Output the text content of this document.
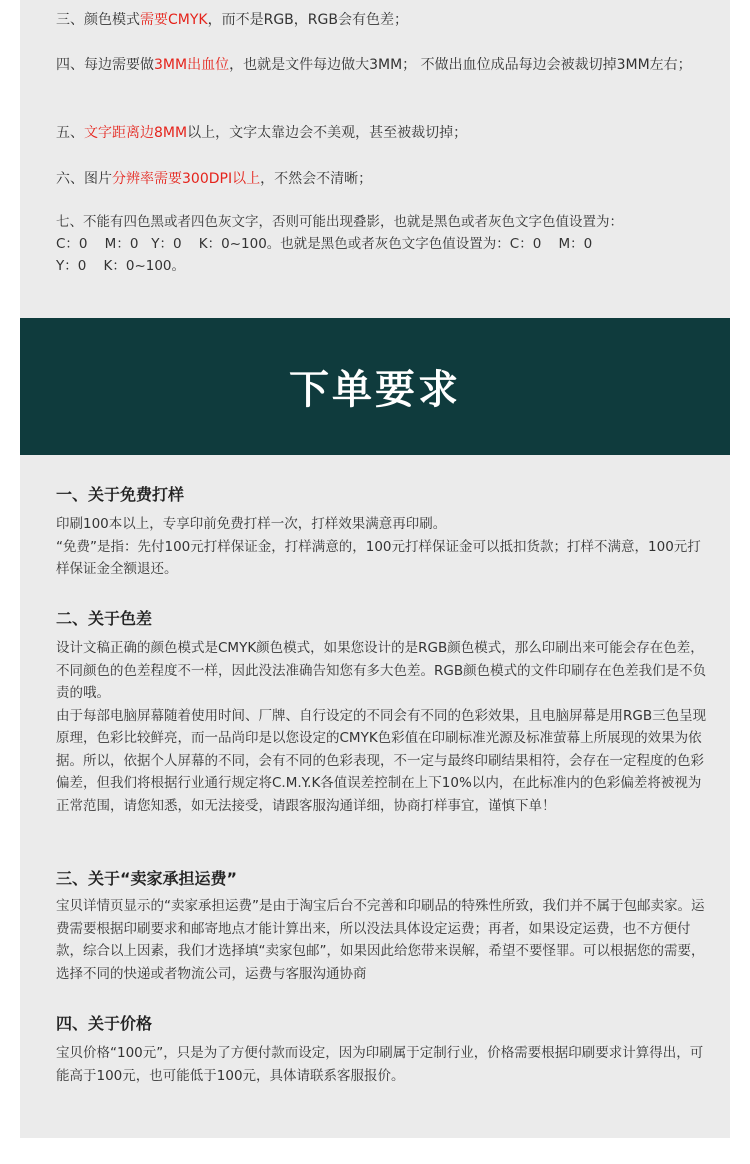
三、颜色模式需要CMYK，而不是RGB，RGB会有色差；
四、每边需要做3MM出血位，也就是文件每边做大3MM； 不做出血位成品每边会被裁切掉3MM左右；
五、文字距离边8MM以上，文字太靠边会不美观，甚至被裁切掉；
六、图片分辨率需要300DPI以上，不然会不清晰；
七、不能有四色黑或者四色灰文字，否则可能出现叠影，也就是黑色或者灰色文字色值设置为：
C：0    M：0   Y：0    K：0~100。也就是黑色或者灰色文字色值设置为：C：0    M：0
Y：0    K：0~100。
下单要求
一、关于免费打样

印刷100本以上，专享印前免费打样一次，打样效果满意再印刷。

“免费”是指：先付100元打样保证金，打样满意的，100元打样保证金可以抵扣货款；打样不满意，100元打样保证金全额退还。

二、关于色差

设计文稿正确的颜色模式是CMYK颜色模式，如果您设计的是RGB颜色模式，那么印刷出来可能会存在色差，不同颜色的色差程度不一样，因此没法准确告知您有多大色差。RGB颜色模式的文件印刷存在色差我们是不负责的哦。

由于每部电脑屏幕随着使用时间、厂牌、自行设定的不同会有不同的色彩效果，且电脑屏幕是用RGB三色呈现原理，色彩比较鲜亮，而一品尚印是以您设定的CMYK色彩值在印刷标准光源及标准萤幕上所展现的效果为依据。所以，依据个人屏幕的不同，会有不同的色彩表现，不一定与最终印刷结果相符，会存在一定程度的色彩偏差，但我们将根据行业通行规定将C.M.Y.K各值误差控制在上下10%以内，在此标准内的色彩偏差将被视为正常范围，请您知悉，如无法接受，请跟客服沟通详细，协商打样事宜，谨慎下单！

三、关于“卖家承担运费”

宝贝详情页显示的“卖家承担运费”是由于淘宝后台不完善和印刷品的特殊性所致，我们并不属于包邮卖家。运费需要根据印刷要求和邮寄地点才能计算出来，所以没法具体设定运费；再者，如果设定运费，也不方便付款，综合以上因素，我们才选择填“卖家包邮”，如果因此给您带来误解，希望不要怪罪。可以根据您的需要，选择不同的快递或者物流公司，运费与客服沟通协商

四、关于价格

宝贝价格“100元”，只是为了方便付款而设定，因为印刷属于定制行业，价格需要根据印刷要求计算得出，可能高于100元，也可能低于100元，具体请联系客服报价。
